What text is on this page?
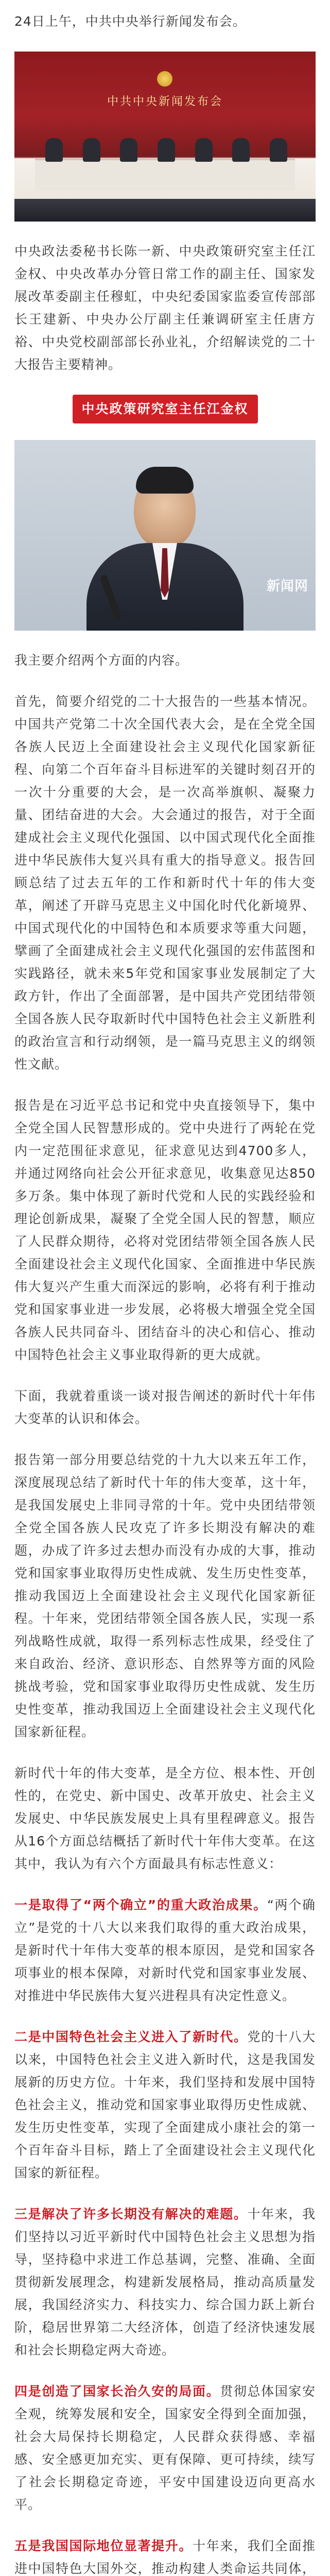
24日上午，中共中央举行新闻发布会。

中共中央新闻发布会

中央政法委秘书长陈一新、中央政策研究室主任江金权、中央改革办分管日常工作的副主任、国家发展改革委副主任穆虹，中央纪委国家监委宣传部部长王建新、中央办公厅副主任兼调研室主任唐方裕、中央党校副部部长孙业礼，介绍解读党的二十大报告主要精神。

中央政策研究室主任江金权
新闻网

我主要介绍两个方面的内容。

首先，简要介绍党的二十大报告的一些基本情况。中国共产党第二十次全国代表大会，是在全党全国各族人民迈上全面建设社会主义现代化国家新征程、向第二个百年奋斗目标进军的关键时刻召开的一次十分重要的大会，是一次高举旗帜、凝聚力量、团结奋进的大会。大会通过的报告，对于全面建成社会主义现代化强国、以中国式现代化全面推进中华民族伟大复兴具有重大的指导意义。报告回顾总结了过去五年的工作和新时代十年的伟大变革，阐述了开辟马克思主义中国化时代化新境界、中国式现代化的中国特色和本质要求等重大问题，擘画了全面建成社会主义现代化强国的宏伟蓝图和实践路径，就未来5年党和国家事业发展制定了大政方针，作出了全面部署，是中国共产党团结带领全国各族人民夺取新时代中国特色社会主义新胜利的政治宣言和行动纲领，是一篇马克思主义的纲领性文献。

报告是在习近平总书记和党中央直接领导下，集中全党全国人民智慧形成的。党中央进行了两轮在党内一定范围征求意见，征求意见达到4700多人，并通过网络向社会公开征求意见，收集意见达850多万条。集中体现了新时代党和人民的实践经验和理论创新成果，凝聚了全党全国人民的智慧，顺应了人民群众期待，必将对党团结带领全国各族人民全面建设社会主义现代化国家、全面推进中华民族伟大复兴产生重大而深远的影响，必将有利于推动党和国家事业进一步发展，必将极大增强全党全国各族人民共同奋斗、团结奋斗的决心和信心、推动中国特色社会主义事业取得新的更大成就。

下面，我就着重谈一谈对报告阐述的新时代十年伟大变革的认识和体会。

报告第一部分用要总结党的十九大以来五年工作，深度展现总结了新时代十年的伟大变革，这十年，是我国发展史上非同寻常的十年。党中央团结带领全党全国各族人民攻克了许多长期没有解决的难题，办成了许多过去想办而没有办成的大事，推动党和国家事业取得历史性成就、发生历史性变革，推动我国迈上全面建设社会主义现代化国家新征程。十年来，党团结带领全国各族人民，实现一系列战略性成就，取得一系列标志性成果，经受住了来自政治、经济、意识形态、自然界等方面的风险挑战考验，党和国家事业取得历史性成就、发生历史性变革，推动我国迈上全面建设社会主义现代化国家新征程。

新时代十年的伟大变革，是全方位、根本性、开创性的，在党史、新中国史、改革开放史、社会主义发展史、中华民族发展史上具有里程碑意义。报告从16个方面总结概括了新时代十年伟大变革。在这其中，我认为有六个方面最具有标志性意义：

一是取得了“两个确立”的重大政治成果。“两个确立”是党的十八大以来我们取得的重大政治成果，是新时代十年伟大变革的根本原因，是党和国家各项事业的根本保障，对新时代党和国家事业发展、对推进中华民族伟大复兴进程具有决定性意义。

二是中国特色社会主义进入了新时代。党的十八大以来，中国特色社会主义进入新时代，这是我国发展新的历史方位。十年来，我们坚持和发展中国特色社会主义，推动党和国家事业取得历史性成就、发生历史性变革，实现了全面建成小康社会的第一个百年奋斗目标，踏上了全面建设社会主义现代化国家的新征程。

三是解决了许多长期没有解决的难题。十年来，我们坚持以习近平新时代中国特色社会主义思想为指导，坚持稳中求进工作总基调，完整、准确、全面贯彻新发展理念，构建新发展格局，推动高质量发展，我国经济实力、科技实力、综合国力跃上新台阶，稳居世界第二大经济体，创造了经济快速发展和社会长期稳定两大奇迹。

四是创造了国家长治久安的局面。贯彻总体国家安全观，统筹发展和安全，国家安全得到全面加强，社会大局保持长期稳定，人民群众获得感、幸福感、安全感更加充实、更有保障、更可持续，续写了社会长期稳定奇迹，平安中国建设迈向更高水平。

五是我国国际地位显著提升。十年来，我们全面推进中国特色大国外交，推动构建人类命运共同体，
